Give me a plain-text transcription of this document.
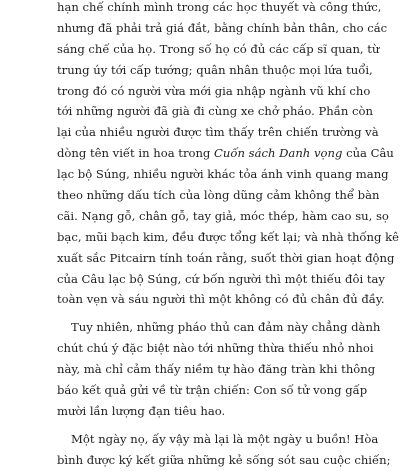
hạn chế chính mình trong các học thuyết và công thức,
nhưng đã phải trả giá đắt, bằng chính bản thân, cho các
sáng chế của họ. Trong số họ có đủ các cấp sĩ quan, từ
trung úy tới cấp tướng; quân nhân thuộc mọi lứa tuổi,
trong đó có người vừa mới gia nhập ngành vũ khí cho
tới những người đã già đi cùng xe chở pháo. Phần còn
lại của nhiều người được tìm thấy trên chiến trường và
dòng tên viết in hoa trong Cuốn sách Danh vọng của Câu
lạc bộ Súng, nhiều người khác tỏa ánh vinh quang mang
theo những dấu tích của lòng dũng cảm không thể bàn
cãi. Nạng gỗ, chân gỗ, tay giả, móc thép, hàm cao su, sọ
bạc, mũi bạch kim, đều được tổng kết lại; và nhà thống kê
xuất sắc Pitcairn tính toán rằng, suốt thời gian hoạt động
của Câu lạc bộ Súng, cứ bốn người thì một thiếu đôi tay
toàn vẹn và sáu người thì một không có đủ chân đủ đầy.
Tuy nhiên, những pháo thủ can đảm này chẳng dành
chút chú ý đặc biệt nào tới những thừa thiếu nhỏ nhoi
này, mà chỉ cảm thấy niềm tự hào đăng tràn khi thông
báo kết quả gửi về từ trận chiến: Con số tử vong gấp
mười lần lượng đạn tiêu hao.
Một ngày nọ, ấy vậy mà lại là một ngày u buồn! Hòa
bình được ký kết giữa những kẻ sống sót sau cuộc chiến;
